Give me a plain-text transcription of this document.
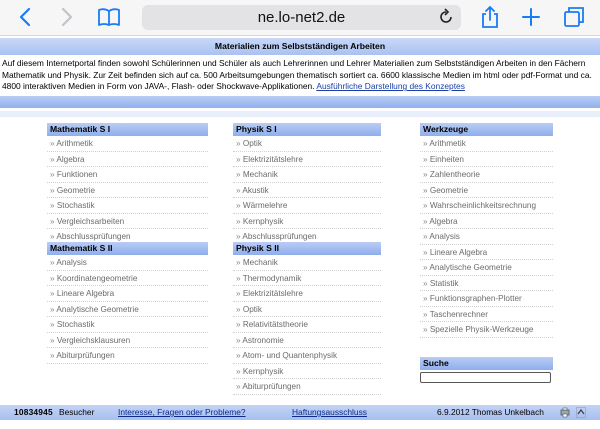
ne.lo-net2.de
Materialien zum Selbstständigen Arbeiten

Auf diesem Internetportal finden sowohl Schülerinnen und Schüler als auch Lehrerinnen und Lehrer Materialien zum Selbstständigen Arbeiten in den Fächern Mathematik und Physik. Zur Zeit befinden sich auf ca. 500 Arbeitsumgebungen thematisch sortiert ca. 6600 klassische Medien im html oder pdf-Format und ca. 4800 interaktiven Medien in Form von JAVA-, Flash- oder Shockwave-Applikationen. Ausführliche Darstellung des Konzeptes

Mathematik S I
» Arithmetik
» Algebra
» Funktionen
» Geometrie
» Stochastik
» Vergleichsarbeiten
» Abschlussprüfungen
Mathematik S II
» Analysis
» Koordinatengeometrie
» Lineare Algebra
» Analytische Geometrie
» Stochastik
» Vergleichsklausuren
» Abiturprüfungen
Physik S I
» Optik
» Elektrizitätslehre
» Mechanik
» Akustik
» Wärmelehre
» Kernphysik
» Abschlussprüfungen
Physik S II
» Mechanik
» Thermodynamik
» Elektrizitätslehre
» Optik
» Relativitätstheorie
» Astronomie
» Atom- und Quantenphysik
» Kernphysik
» Abiturprüfungen
Werkzeuge
» Arithmetik
» Einheiten
» Zahlentheorie
» Geometrie
» Wahrscheinlichkeitsrechnung
» Algebra
» Analysis
» Lineare Algebra
» Analytische Geometrie
» Statistik
» Funktionsgraphen-Plotter
» Taschenrechner
» Spezielle Physik-Werkzeuge
Suche
10834945 Besucher	Interesse, Fragen oder Probleme?	Haftungsausschluss	6.9.2012 Thomas Unkelbach
